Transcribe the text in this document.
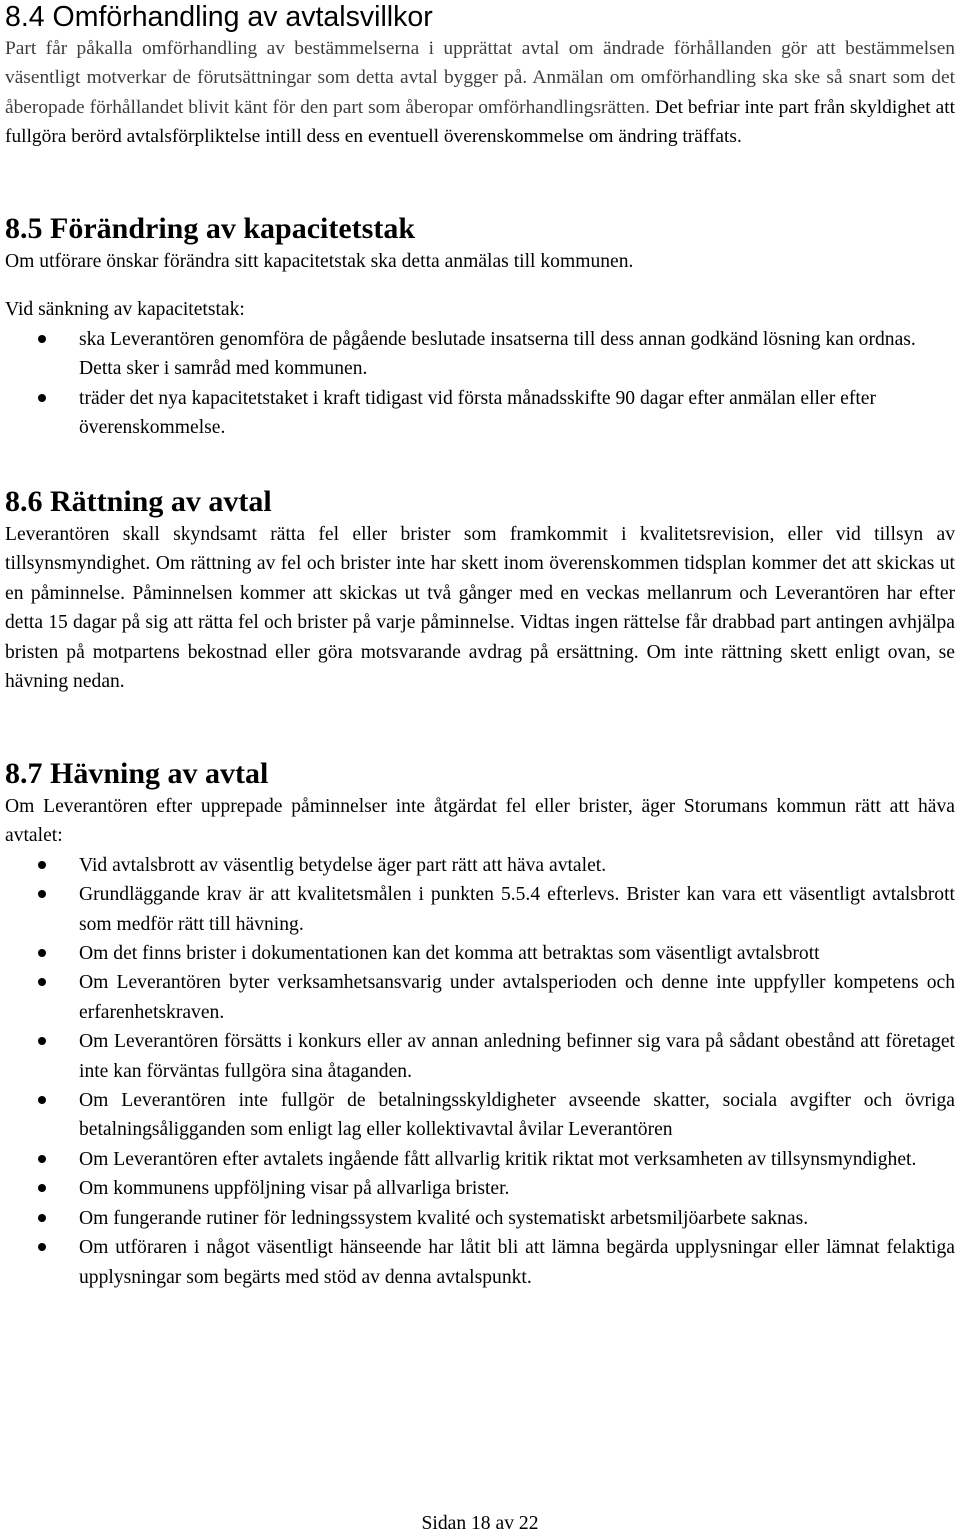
8.4 Omförhandling av avtalsvillkor

Part får påkalla omförhandling av bestämmelserna i upprättat avtal om ändrade förhållanden gör att bestämmelsen väsentligt motverkar de förutsättningar som detta avtal bygger på. Anmälan om omförhandling ska ske så snart som det åberopade förhållandet blivit känt för den part som åberopar omförhandlingsrätten. Det befriar inte part från skyldighet att fullgöra berörd avtalsförpliktelse intill dess en eventuell överenskommelse om ändring träffats.

8.5 Förändring av kapacitetstak

Om utförare önskar förändra sitt kapacitetstak ska detta anmälas till kommunen.

Vid sänkning av kapacitetstak:

ska Leverantören genomföra de pågående beslutade insatserna till dess annan godkänd lösning kan ordnas. Detta sker i samråd med kommunen.
träder det nya kapacitetstaket i kraft tidigast vid första månadsskifte 90 dagar efter anmälan eller efter överenskommelse.
8.6 Rättning av avtal

Leverantören skall skyndsamt rätta fel eller brister som framkommit i kvalitetsrevision, eller vid tillsyn av tillsynsmyndighet. Om rättning av fel och brister inte har skett inom överenskommen tidsplan kommer det att skickas ut en påminnelse. Påminnelsen kommer att skickas ut två gånger med en veckas mellanrum och Leverantören har efter detta 15 dagar på sig att rätta fel och brister på varje påminnelse. Vidtas ingen rättelse får drabbad part antingen avhjälpa bristen på motpartens bekostnad eller göra motsvarande avdrag på ersättning. Om inte rättning skett enligt ovan, se hävning nedan.

8.7 Hävning av avtal

Om Leverantören efter upprepade påminnelser inte åtgärdat fel eller brister, äger Storumans kommun rätt att häva avtalet:

Vid avtalsbrott av väsentlig betydelse äger part rätt att häva avtalet.
Grundläggande krav är att kvalitetsmålen i punkten 5.5.4 efterlevs. Brister kan vara ett väsentligt avtalsbrott som medför rätt till hävning.
Om det finns brister i dokumentationen kan det komma att betraktas som väsentligt avtalsbrott
Om Leverantören byter verksamhetsansvarig under avtalsperioden och denne inte uppfyller kompetens och erfarenhetskraven.
Om Leverantören försätts i konkurs eller av annan anledning befinner sig vara på sådant obestånd att företaget inte kan förväntas fullgöra sina åtaganden.
Om Leverantören inte fullgör de betalningsskyldigheter avseende skatter, sociala avgifter och övriga betalningsåligganden som enligt lag eller kollektivavtal åvilar Leverantören
Om Leverantören efter avtalets ingående fått allvarlig kritik riktat mot verksamheten av tillsynsmyndighet.
Om kommunens uppföljning visar på allvarliga brister.
Om fungerande rutiner för ledningssystem kvalité och systematiskt arbetsmiljöarbete saknas.
Om utföraren i något väsentligt hänseende har låtit bli att lämna begärda upplysningar eller lämnat felaktiga upplysningar som begärts med stöd av denna avtalspunkt.
Sidan 18 av 22
